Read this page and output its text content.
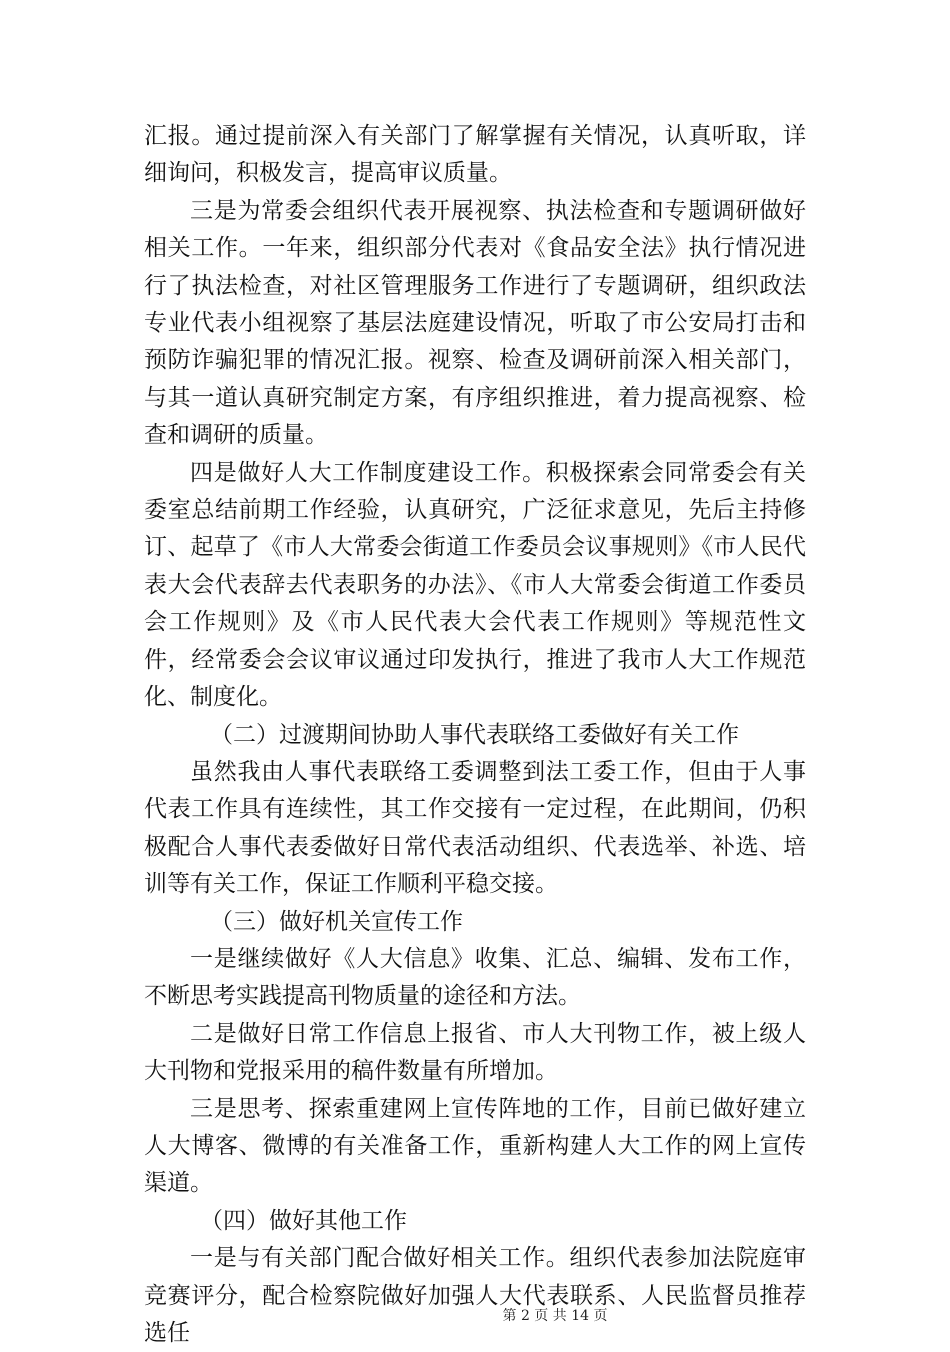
汇报。通过提前深入有关部门了解掌握有关情况，认真听取，详细询问，积极发言，提高审议质量。

三是为常委会组织代表开展视察、执法检查和专题调研做好相关工作。一年来，组织部分代表对《食品安全法》执行情况进行了执法检查，对社区管理服务工作进行了专题调研，组织政法专业代表小组视察了基层法庭建设情况，听取了市公安局打击和预防诈骗犯罪的情况汇报。视察、检查及调研前深入相关部门，与其一道认真研究制定方案，有序组织推进，着力提高视察、检查和调研的质量。

四是做好人大工作制度建设工作。积极探索会同常委会有关委室总结前期工作经验，认真研究，广泛征求意见，先后主持修订、起草了《市人大常委会街道工作委员会议事规则》《市人民代表大会代表辞去代表职务的办法》、《市人大常委会街道工作委员会工作规则》及《市人民代表大会代表工作规则》等规范性文件，经常委会会议审议通过印发执行，推进了我市人大工作规范化、制度化。

（二）过渡期间协助人事代表联络工委做好有关工作

虽然我由人事代表联络工委调整到法工委工作，但由于人事代表工作具有连续性，其工作交接有一定过程，在此期间，仍积极配合人事代表委做好日常代表活动组织、代表选举、补选、培训等有关工作，保证工作顺利平稳交接。

（三）做好机关宣传工作

一是继续做好《人大信息》收集、汇总、编辑、发布工作，不断思考实践提高刊物质量的途径和方法。

二是做好日常工作信息上报省、市人大刊物工作，被上级人大刊物和党报采用的稿件数量有所增加。

三是思考、探索重建网上宣传阵地的工作，目前已做好建立人大博客、微博的有关准备工作，重新构建人大工作的网上宣传渠道。

（四）做好其他工作

一是与有关部门配合做好相关工作。组织代表参加法院庭审竞赛评分，配合检察院做好加强人大代表联系、人民监督员推荐选任

第 2 页 共 14 页
